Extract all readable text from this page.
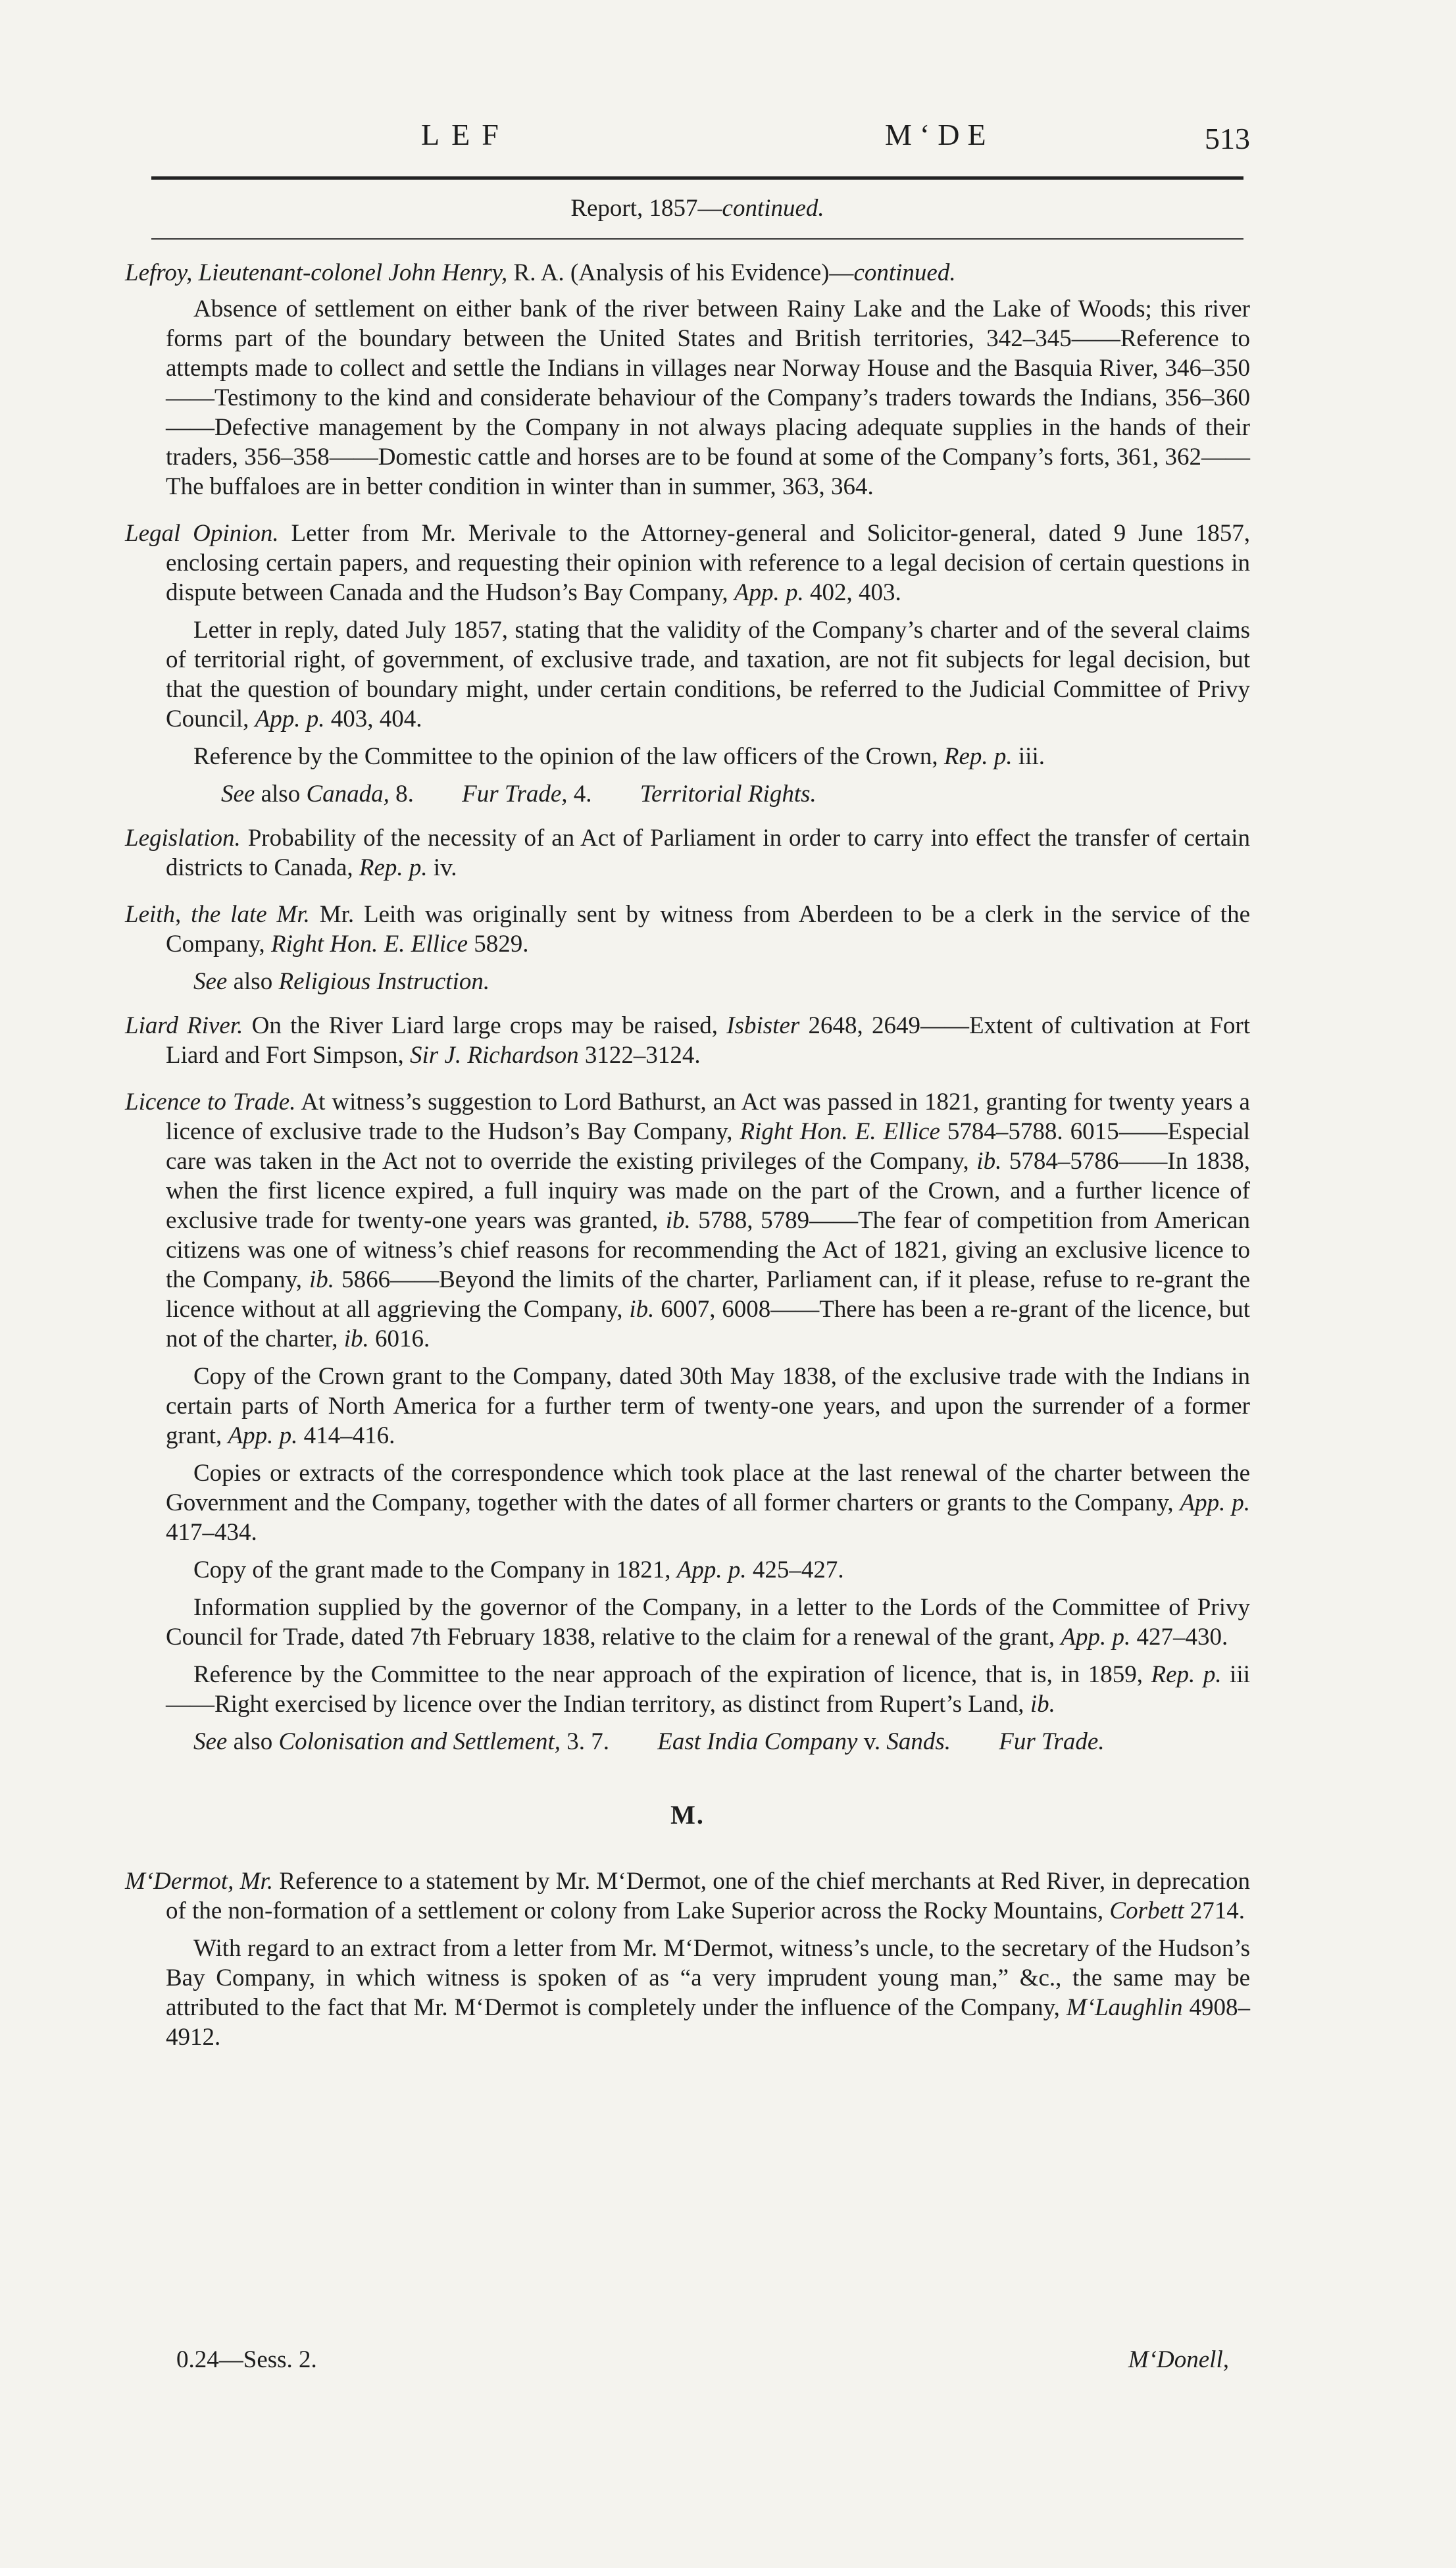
LEF	M‘DE	513
Report, 1857—continued.
Lefroy, Lieutenant-colonel John Henry, R. A. (Analysis of his Evidence)—continued.
Absence of settlement on either bank of the river between Rainy Lake and the Lake of Woods; this river forms part of the boundary between the United States and British territories, 342–345——Reference to attempts made to collect and settle the Indians in villages near Norway House and the Basquia River, 346–350——Testimony to the kind and considerate behaviour of the Company’s traders towards the Indians, 356–360——Defective management by the Company in not always placing adequate supplies in the hands of their traders, 356–358——Domestic cattle and horses are to be found at some of the Company’s forts, 361, 362——The buffaloes are in better condition in winter than in summer, 363, 364.
Legal Opinion. Letter from Mr. Merivale to the Attorney-general and Solicitor-general, dated 9 June 1857, enclosing certain papers, and requesting their opinion with reference to a legal decision of certain questions in dispute between Canada and the Hudson’s Bay Company, App. p. 402, 403.
Letter in reply, dated July 1857, stating that the validity of the Company’s charter and of the several claims of territorial right, of government, of exclusive trade, and taxation, are not fit subjects for legal decision, but that the question of boundary might, under certain conditions, be referred to the Judicial Committee of Privy Council, App. p. 403, 404.
Reference by the Committee to the opinion of the law officers of the Crown, Rep. p. iii.
See also Canada, 8. Fur Trade, 4. Territorial Rights.
Legislation. Probability of the necessity of an Act of Parliament in order to carry into effect the transfer of certain districts to Canada, Rep. p. iv.
Leith, the late Mr. Mr. Leith was originally sent by witness from Aberdeen to be a clerk in the service of the Company, Right Hon. E. Ellice 5829.
See also Religious Instruction.
Liard River. On the River Liard large crops may be raised, Isbister 2648, 2649——Extent of cultivation at Fort Liard and Fort Simpson, Sir J. Richardson 3122–3124.
Licence to Trade. At witness’s suggestion to Lord Bathurst, an Act was passed in 1821, granting for twenty years a licence of exclusive trade to the Hudson’s Bay Company, Right Hon. E. Ellice 5784–5788. 6015——Especial care was taken in the Act not to override the existing privileges of the Company, ib. 5784–5786——In 1838, when the first licence expired, a full inquiry was made on the part of the Crown, and a further licence of exclusive trade for twenty-one years was granted, ib. 5788, 5789——The fear of competition from American citizens was one of witness’s chief reasons for recommending the Act of 1821, giving an exclusive licence to the Company, ib. 5866——Beyond the limits of the charter, Parliament can, if it please, refuse to re-grant the licence without at all aggrieving the Company, ib. 6007, 6008——There has been a re-grant of the licence, but not of the charter, ib. 6016.
Copy of the Crown grant to the Company, dated 30th May 1838, of the exclusive trade with the Indians in certain parts of North America for a further term of twenty-one years, and upon the surrender of a former grant, App. p. 414–416.
Copies or extracts of the correspondence which took place at the last renewal of the charter between the Government and the Company, together with the dates of all former charters or grants to the Company, App. p. 417–434.
Copy of the grant made to the Company in 1821, App. p. 425–427.
Information supplied by the governor of the Company, in a letter to the Lords of the Committee of Privy Council for Trade, dated 7th February 1838, relative to the claim for a renewal of the grant, App. p. 427–430.
Reference by the Committee to the near approach of the expiration of licence, that is, in 1859, Rep. p. iii——Right exercised by licence over the Indian territory, as distinct from Rupert’s Land, ib.
See also Colonisation and Settlement, 3. 7. East India Company v. Sands. Fur Trade.
M.
M‘Dermot, Mr. Reference to a statement by Mr. M‘Dermot, one of the chief merchants at Red River, in deprecation of the non-formation of a settlement or colony from Lake Superior across the Rocky Mountains, Corbett 2714.
With regard to an extract from a letter from Mr. M‘Dermot, witness’s uncle, to the secretary of the Hudson’s Bay Company, in which witness is spoken of as “a very imprudent young man,” &c., the same may be attributed to the fact that Mr. M‘Dermot is completely under the influence of the Company, M‘Laughlin 4908–4912.
0.24—Sess. 2.	M‘Donell,
